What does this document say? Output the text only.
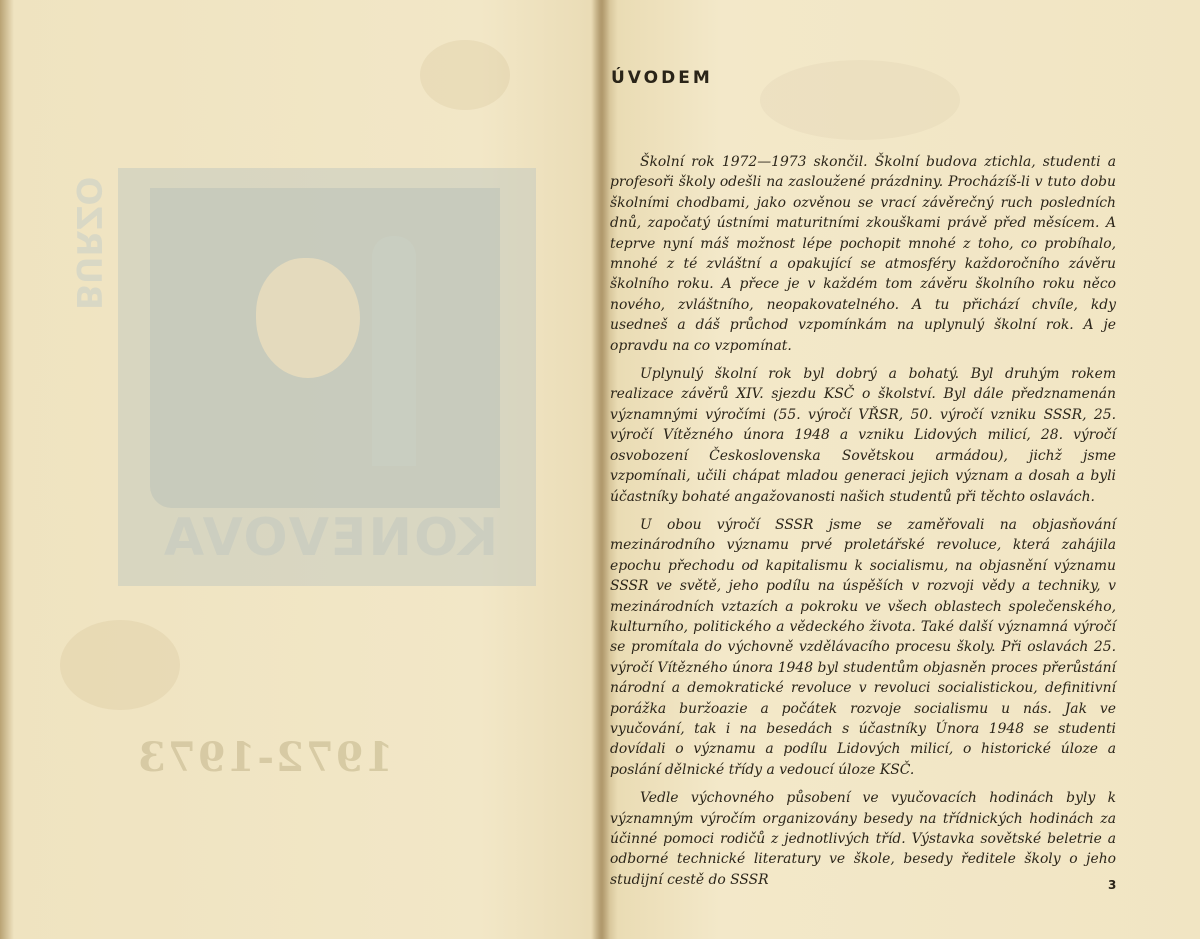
KONEVOVA
BURZO
1972-1973
ÚVODEM

Školní rok 1972—1973 skončil. Školní budova ztichla, studenti a profesoři školy odešli na zasloužené prázdniny. Procházíš-li v tuto dobu školními chodbami, jako ozvěnou se vrací závěrečný ruch posledních dnů, započatý ústními maturitními zkouškami právě před měsícem. A teprve nyní máš možnost lépe pochopit mnohé z toho, co probíhalo, mnohé z té zvláštní a opakující se atmosféry každoročního závěru školního roku. A přece je v každém tom závěru školního roku něco nového, zvláštního, neopakovatelného. A tu přichází chvíle, kdy usedneš a dáš průchod vzpomínkám na uplynulý školní rok. A je opravdu na co vzpomínat.

Uplynulý školní rok byl dobrý a bohatý. Byl druhým rokem realizace závěrů XIV. sjezdu KSČ o školství. Byl dále předznamenán významnými výročími (55. výročí VŘSR, 50. výročí vzniku SSSR, 25. výročí Vítězného února 1948 a vzniku Lidových milicí, 28. výročí osvobození Československa Sovětskou armádou), jichž jsme vzpomínali, učili chápat mladou generaci jejich význam a dosah a byli účastníky bohaté angažovanosti našich studentů při těchto oslavách.

U obou výročí SSSR jsme se zaměřovali na objasňování mezinárodního významu prvé proletářské revoluce, která zahájila epochu přechodu od kapitalismu k socialismu, na objasnění významu SSSR ve světě, jeho podílu na úspěších v rozvoji vědy a techniky, v mezinárodních vztazích a pokroku ve všech oblastech společenského, kulturního, politického a vědeckého života. Také další významná výročí se promítala do výchovně vzdělávacího procesu školy. Při oslavách 25. výročí Vítězného února 1948 byl studentům objasněn proces přerůstání národní a demokratické revoluce v revoluci socialistickou, definitivní porážka buržoazie a počátek rozvoje socialismu u nás. Jak ve vyučování, tak i na besedách s účastníky Února 1948 se studenti dovídali o významu a podílu Lidových milicí, o historické úloze a poslání dělnické třídy a vedoucí úloze KSČ.

Vedle výchovného působení ve vyučovacích hodinách byly k významným výročím organizovány besedy na třídnických hodinách za účinné pomoci rodičů z jednotlivých tříd. Výstavka sovětské beletrie a odborné technické literatury ve škole, besedy ředitele školy o jeho studijní cestě do SSSR	3
